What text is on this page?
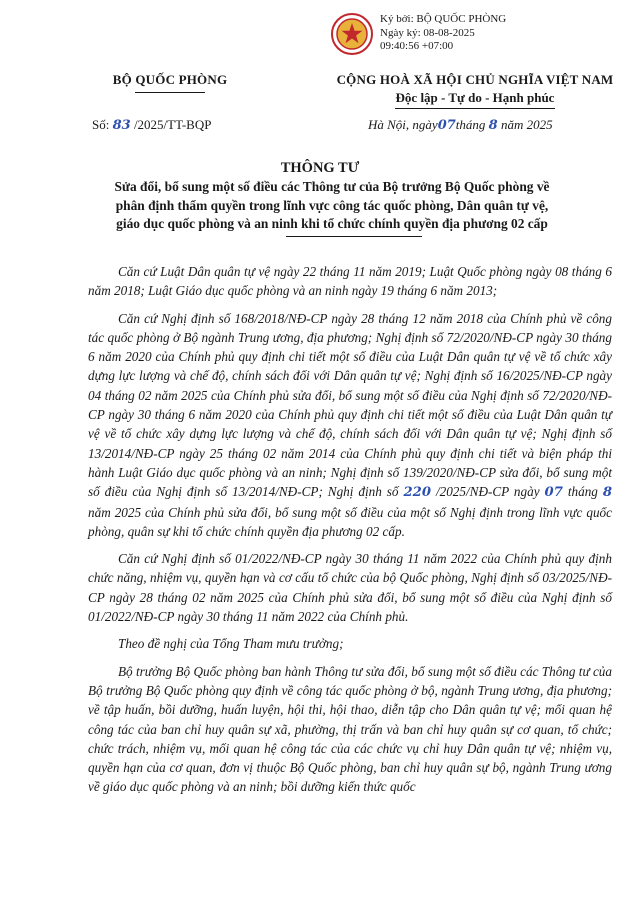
Ký bởi: BỘ QUỐC PHÒNG
Ngày ký: 08-08-2025
09:40:56 +07:00
BỘ QUỐC PHÒNG	CỘNG HOÀ XÃ HỘI CHỦ NGHĨA VIỆT NAM
Độc lập - Tự do - Hạnh phúc
Số: 83 /2025/TT-BQP	Hà Nội, ngày07tháng 8 năm 2025
THÔNG TƯ
Sửa đổi, bổ sung một số điều các Thông tư của Bộ trưởng Bộ Quốc phòng về
phân định thẩm quyền trong lĩnh vực công tác quốc phòng, Dân quân tự vệ,
giáo dục quốc phòng và an ninh khi tổ chức chính quyền địa phương 02 cấp

Căn cứ Luật Dân quân tự vệ ngày 22 tháng 11 năm 2019; Luật Quốc phòng ngày 08 tháng 6 năm 2018; Luật Giáo dục quốc phòng và an ninh ngày 19 tháng 6 năm 2013;

Căn cứ Nghị định số 168/2018/NĐ-CP ngày 28 tháng 12 năm 2018 của Chính phủ về công tác quốc phòng ở Bộ ngành Trung ương, địa phương; Nghị định số 72/2020/NĐ-CP ngày 30 tháng 6 năm 2020 của Chính phủ quy định chi tiết một số điều của Luật Dân quân tự vệ về tổ chức xây dựng lực lượng và chế độ, chính sách đối với Dân quân tự vệ; Nghị định số 16/2025/NĐ-CP ngày 04 tháng 02 năm 2025 của Chính phủ sửa đổi, bổ sung một số điều của Nghị định số 72/2020/NĐ-CP ngày 30 tháng 6 năm 2020 của Chính phủ quy định chi tiết một số điều của Luật Dân quân tự vệ về tổ chức xây dựng lực lượng và chế độ, chính sách đối với Dân quân tự vệ; Nghị định số 13/2014/NĐ-CP ngày 25 tháng 02 năm 2014 của Chính phủ quy định chi tiết và biện pháp thi hành Luật Giáo dục quốc phòng và an ninh; Nghị định số 139/2020/NĐ-CP sửa đổi, bổ sung một số điều của Nghị định số 13/2014/NĐ-CP; Nghị định số 220 /2025/NĐ-CP ngày 07 tháng 8 năm 2025 của Chính phủ sửa đổi, bổ sung một số điều của một số Nghị định trong lĩnh vực quốc phòng, quân sự khi tổ chức chính quyền địa phương 02 cấp.

Căn cứ Nghị định số 01/2022/NĐ-CP ngày 30 tháng 11 năm 2022 của Chính phủ quy định chức năng, nhiệm vụ, quyền hạn và cơ cấu tổ chức của bộ Quốc phòng, Nghị định số 03/2025/NĐ-CP ngày 28 tháng 02 năm 2025 của Chính phủ sửa đổi, bổ sung một số điều của Nghị định số 01/2022/NĐ-CP ngày 30 tháng 11 năm 2022 của Chính phủ.

Theo đề nghị của Tổng Tham mưu trưởng;

Bộ trưởng Bộ Quốc phòng ban hành Thông tư sửa đổi, bổ sung một số điều các Thông tư của Bộ trưởng Bộ Quốc phòng quy định về công tác quốc phòng ở bộ, ngành Trung ương, địa phương; về tập huấn, bồi dưỡng, huấn luyện, hội thi, hội thao, diễn tập cho Dân quân tự vệ; mối quan hệ công tác của ban chỉ huy quân sự xã, phường, thị trấn và ban chỉ huy quân sự cơ quan, tổ chức; chức trách, nhiệm vụ, mối quan hệ công tác của các chức vụ chỉ huy Dân quân tự vệ; nhiệm vụ, quyền hạn của cơ quan, đơn vị thuộc Bộ Quốc phòng, ban chỉ huy quân sự bộ, ngành Trung ương về giáo dục quốc phòng và an ninh; bồi dưỡng kiến thức quốc
